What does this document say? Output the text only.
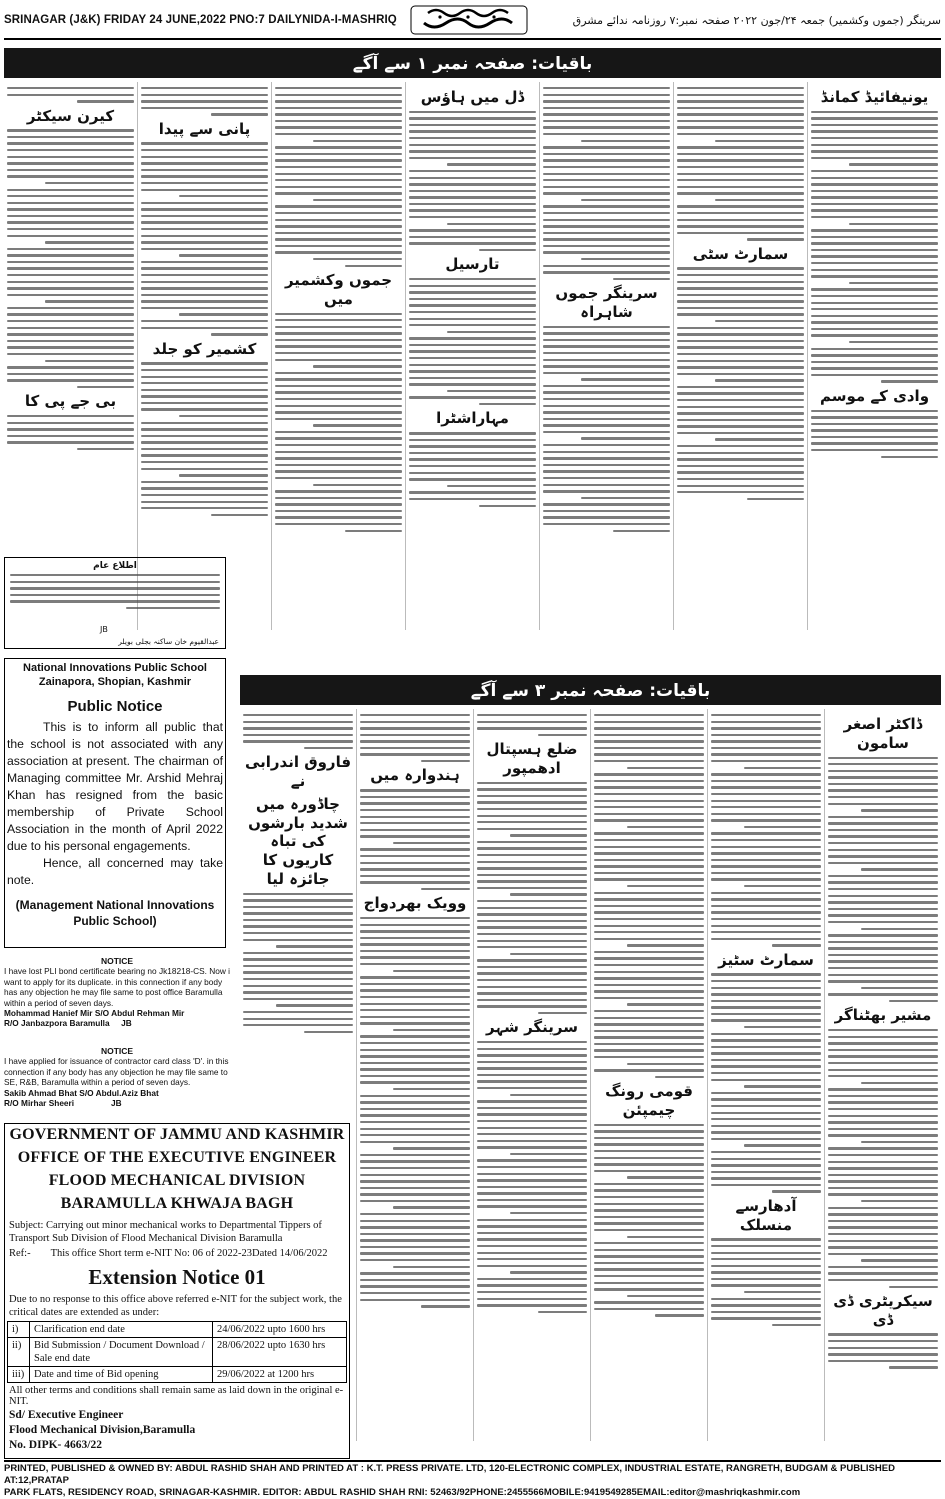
SRINAGAR (J&K) FRIDAY 24 JUNE,2022 PNO:7 DAILYNIDA-I-MASHRIQ	سرینگر (جموں وکشمیر) جمعہ ۲۴/جون ۲۰۲۲ صفحہ نمبر:۷ روزنامہ ندائے مشرق
باقیات: صفحہ نمبر ۱ سے آگے
یونیفائیڈ کمانڈ
وادی کے موسم
سمارٹ سٹی
سرینگر جموں شاہراہ
ڈل میں ہاؤس
تارسیل
مہاراشٹرا
جموں وکشمیر میں
پانی سے پیدا
کشمیر کو جلد
کیرن سیکٹر
بی جے پی کا
اطلاع عام
JB
عبدالقیوم خان ساکنہ بجلی بویلر
باقیات: صفحہ نمبر ۳ سے آگے
ڈاکٹر اصغر سامون
مشیر بھٹناگر
سیکریٹری ڈی ڈی
سمارٹ سٹیز
آدھارسے منسلک
قومی رونگ چیمپئن
ضلع ہسپتال ادھمپور
سرینگر شہر
ہندوارہ میں
وویک بھردواج
فاروق اندرابی نے
چاڈورہ میں شدید بارشوں کی تباہ کاریوں کا جائزہ لیا
National Innovations Public School
Zainapora, Shopian, Kashmir
Public Notice

This is to inform all public that the school is not associated with any association at present. The chairman of Managing committee Mr. Arshid Mehraj Khan has resigned from the basic membership of Private School Association in the month of April 2022 due to his personal engagements.

Hence, all concerned may take note.

(Management National Innovations Public School)
NOTICE
I have lost PLI bond certificate bearing no Jk18218-CS. Now i want to apply for its duplicate. in this connection if any body has any objection he may file same to post office Baramulla within a period of seven days.
Mohammad Hanief Mir S/O Abdul Rehman Mir
R/O Janbazpora Baramulla JB
NOTICE
I have applied for issuance of contractor card class 'D'. in this connection if any body has any objection he may file same to SE, R&B, Baramulla within a period of seven days.
Sakib Ahmad Bhat S/O Abdul.Aziz Bhat
R/O Mirhar Sheeri	JB
GOVERNMENT OF JAMMU AND KASHMIR
OFFICE OF THE EXECUTIVE ENGINEER
FLOOD MECHANICAL DIVISION
BARAMULLA KHWAJA BAGH
Subject: Carrying out minor mechanical works to Departmental Tippers of Transport Sub Division of Flood Mechanical Division Baramulla
Ref:- This office Short term e-NIT No: 06 of 2022-23Dated 14/06/2022
Extension Notice 01
Due to no response to this office above referred e-NIT for the subject work, the critical dates are extended as under:
i)	Clarification end date	24/06/2022 upto 1600 hrs
ii)	Bid Submission / Document Download / Sale end date	28/06/2022 upto 1630 hrs
iii)	Date and time of Bid opening	29/06/2022 at 1200 hrs
All other terms and conditions shall remain same as laid down in the original e-NIT.
Sd/ Executive Engineer
Flood Mechanical Division,Baramulla
No. DIPK- 4663/22
PRINTED, PUBLISHED & OWNED BY: ABDUL RASHID SHAH AND PRINTED AT : K.T. PRESS PRIVATE. LTD, 120-ELECTRONIC COMPLEX, INDUSTRIAL ESTATE, RANGRETH, BUDGAM & PUBLISHED AT:12,PRATAP
PARK FLATS, RESIDENCY ROAD, SRINAGAR-KASHMIR. EDITOR: ABDUL RASHID SHAH RNI: 52463/92PHONE:2455566MOBILE:9419549285EMAIL:editor@mashriqkashmir.com
